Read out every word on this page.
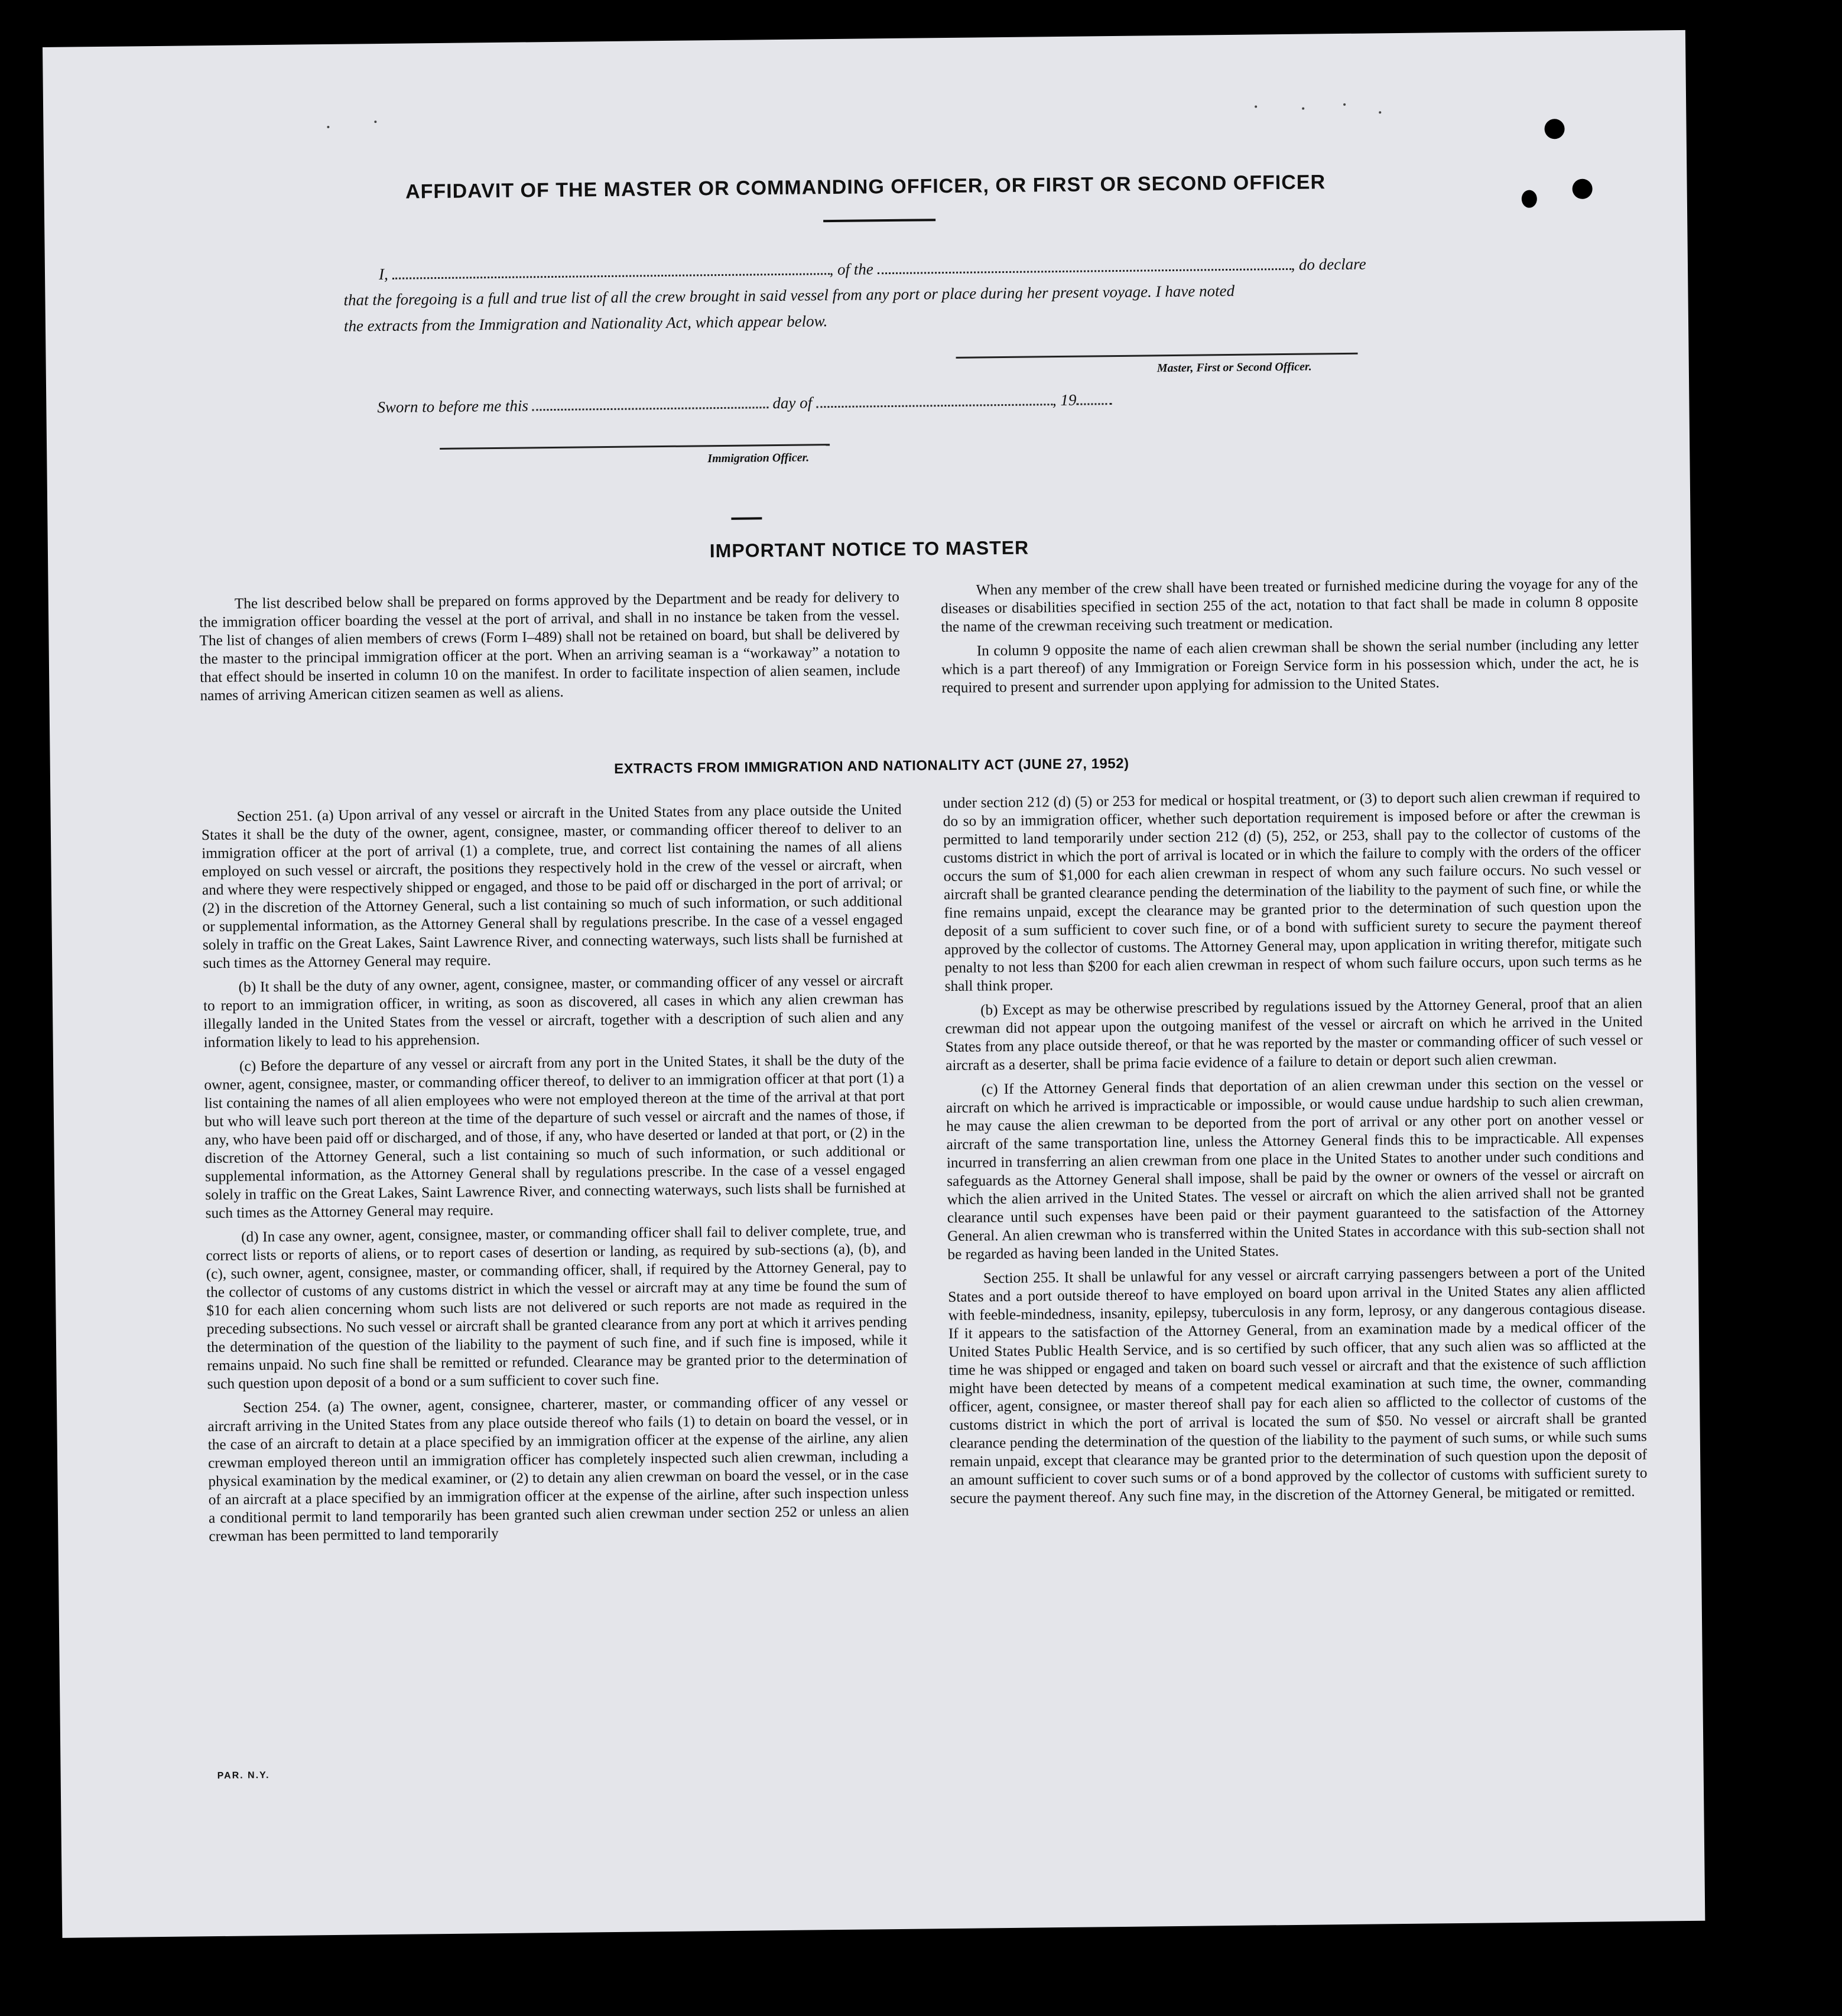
AFFIDAVIT OF THE MASTER OR COMMANDING OFFICER, OR FIRST OR SECOND OFFICER
I,	, of the	, do declare
that the foregoing is a full and true list of all the crew brought in said vessel from any port or place during her present voyage. I have noted
the extracts from the Immigration and Nationality Act, which appear below.
Master, First or Second Officer.
Sworn to before me this	day of	, 19
Immigration Officer.
IMPORTANT NOTICE TO MASTER

The list described below shall be prepared on forms approved by the Department and be ready for delivery to the immigration officer boarding the vessel at the port of arrival, and shall in no instance be taken from the vessel. The list of changes of alien members of crews (Form I–489) shall not be retained on board, but shall be delivered by the master to the principal immigration officer at the port. When an arriving seaman is a “workaway” a notation to that effect should be inserted in column 10 on the manifest. In order to facilitate inspection of alien seamen, include names of arriving American citizen seamen as well as aliens.

When any member of the crew shall have been treated or furnished medicine during the voyage for any of the diseases or disabilities specified in section 255 of the act, notation to that fact shall be made in column 8 opposite the name of the crewman receiving such treatment or medication.

In column 9 opposite the name of each alien crewman shall be shown the serial number (including any letter which is a part thereof) of any Immigration or Foreign Service form in his possession which, under the act, he is required to present and surrender upon applying for admission to the United States.

EXTRACTS FROM IMMIGRATION AND NATIONALITY ACT (JUNE 27, 1952)

Section 251. (a) Upon arrival of any vessel or aircraft in the United States from any place outside the United States it shall be the duty of the owner, agent, consignee, master, or commanding officer thereof to deliver to an immigration officer at the port of arrival (1) a complete, true, and correct list containing the names of all aliens employed on such vessel or aircraft, the positions they respectively hold in the crew of the vessel or aircraft, when and where they were respectively shipped or engaged, and those to be paid off or discharged in the port of arrival; or (2) in the discretion of the Attorney General, such a list containing so much of such information, or such additional or supplemental information, as the Attorney General shall by regulations prescribe. In the case of a vessel engaged solely in traffic on the Great Lakes, Saint Lawrence River, and connecting waterways, such lists shall be furnished at such times as the Attorney General may require.

(b) It shall be the duty of any owner, agent, consignee, master, or commanding officer of any vessel or aircraft to report to an immigration officer, in writing, as soon as discovered, all cases in which any alien crewman has illegally landed in the United States from the vessel or aircraft, together with a description of such alien and any information likely to lead to his apprehension.

(c) Before the departure of any vessel or aircraft from any port in the United States, it shall be the duty of the owner, agent, consignee, master, or commanding officer thereof, to deliver to an immigration officer at that port (1) a list containing the names of all alien employees who were not employed thereon at the time of the arrival at that port but who will leave such port thereon at the time of the departure of such vessel or aircraft and the names of those, if any, who have been paid off or discharged, and of those, if any, who have deserted or landed at that port, or (2) in the discretion of the Attorney General, such a list containing so much of such information, or such additional or supplemental information, as the Attorney General shall by regulations prescribe. In the case of a vessel engaged solely in traffic on the Great Lakes, Saint Lawrence River, and connecting waterways, such lists shall be furnished at such times as the Attorney General may require.

(d) In case any owner, agent, consignee, master, or commanding officer shall fail to deliver complete, true, and correct lists or reports of aliens, or to report cases of desertion or landing, as required by sub-sections (a), (b), and (c), such owner, agent, consignee, master, or commanding officer, shall, if required by the Attorney General, pay to the collector of customs of any customs district in which the vessel or aircraft may at any time be found the sum of $10 for each alien concerning whom such lists are not delivered or such reports are not made as required in the preceding subsections. No such vessel or aircraft shall be granted clearance from any port at which it arrives pending the determination of the question of the liability to the payment of such fine, and if such fine is imposed, while it remains unpaid. No such fine shall be remitted or refunded. Clearance may be granted prior to the determination of such question upon deposit of a bond or a sum sufficient to cover such fine.

Section 254. (a) The owner, agent, consignee, charterer, master, or commanding officer of any vessel or aircraft arriving in the United States from any place outside thereof who fails (1) to detain on board the vessel, or in the case of an aircraft to detain at a place specified by an immigration officer at the expense of the airline, any alien crewman employed thereon until an immigration officer has completely inspected such alien crewman, including a physical examination by the medical examiner, or (2) to detain any alien crewman on board the vessel, or in the case of an aircraft at a place specified by an immigration officer at the expense of the airline, after such inspection unless a conditional permit to land temporarily has been granted such alien crewman under section 252 or unless an alien crewman has been permitted to land temporarily

under section 212 (d) (5) or 253 for medical or hospital treatment, or (3) to deport such alien crewman if required to do so by an immigration officer, whether such deportation requirement is imposed before or after the crewman is permitted to land temporarily under section 212 (d) (5), 252, or 253, shall pay to the collector of customs of the customs district in which the port of arrival is located or in which the failure to comply with the orders of the officer occurs the sum of $1,000 for each alien crewman in respect of whom any such failure occurs. No such vessel or aircraft shall be granted clearance pending the determination of the liability to the payment of such fine, or while the fine remains unpaid, except the clearance may be granted prior to the determination of such question upon the deposit of a sum sufficient to cover such fine, or of a bond with sufficient surety to secure the payment thereof approved by the collector of customs. The Attorney General may, upon application in writing therefor, mitigate such penalty to not less than $200 for each alien crewman in respect of whom such failure occurs, upon such terms as he shall think proper.

(b) Except as may be otherwise prescribed by regulations issued by the Attorney General, proof that an alien crewman did not appear upon the outgoing manifest of the vessel or aircraft on which he arrived in the United States from any place outside thereof, or that he was reported by the master or commanding officer of such vessel or aircraft as a deserter, shall be prima facie evidence of a failure to detain or deport such alien crewman.

(c) If the Attorney General finds that deportation of an alien crewman under this section on the vessel or aircraft on which he arrived is impracticable or impossible, or would cause undue hardship to such alien crewman, he may cause the alien crewman to be deported from the port of arrival or any other port on another vessel or aircraft of the same transportation line, unless the Attorney General finds this to be impracticable. All expenses incurred in transferring an alien crewman from one place in the United States to another under such conditions and safeguards as the Attorney General shall impose, shall be paid by the owner or owners of the vessel or aircraft on which the alien arrived in the United States. The vessel or aircraft on which the alien arrived shall not be granted clearance until such expenses have been paid or their payment guaranteed to the satisfaction of the Attorney General. An alien crewman who is transferred within the United States in accordance with this sub-section shall not be regarded as having been landed in the United States.

Section 255. It shall be unlawful for any vessel or aircraft carrying passengers between a port of the United States and a port outside thereof to have employed on board upon arrival in the United States any alien afflicted with feeble-mindedness, insanity, epilepsy, tuberculosis in any form, leprosy, or any dangerous contagious disease. If it appears to the satisfaction of the Attorney General, from an examination made by a medical officer of the United States Public Health Service, and is so certified by such officer, that any such alien was so afflicted at the time he was shipped or engaged and taken on board such vessel or aircraft and that the existence of such affliction might have been detected by means of a competent medical examination at such time, the owner, commanding officer, agent, consignee, or master thereof shall pay for each alien so afflicted to the collector of customs of the customs district in which the port of arrival is located the sum of $50. No vessel or aircraft shall be granted clearance pending the determination of the question of the liability to the payment of such sums, or while such sums remain unpaid, except that clearance may be granted prior to the determination of such question upon the deposit of an amount sufficient to cover such sums or of a bond approved by the collector of customs with sufficient surety to secure the payment thereof. Any such fine may, in the discretion of the Attorney General, be mitigated or remitted.

PAR. N.Y.
